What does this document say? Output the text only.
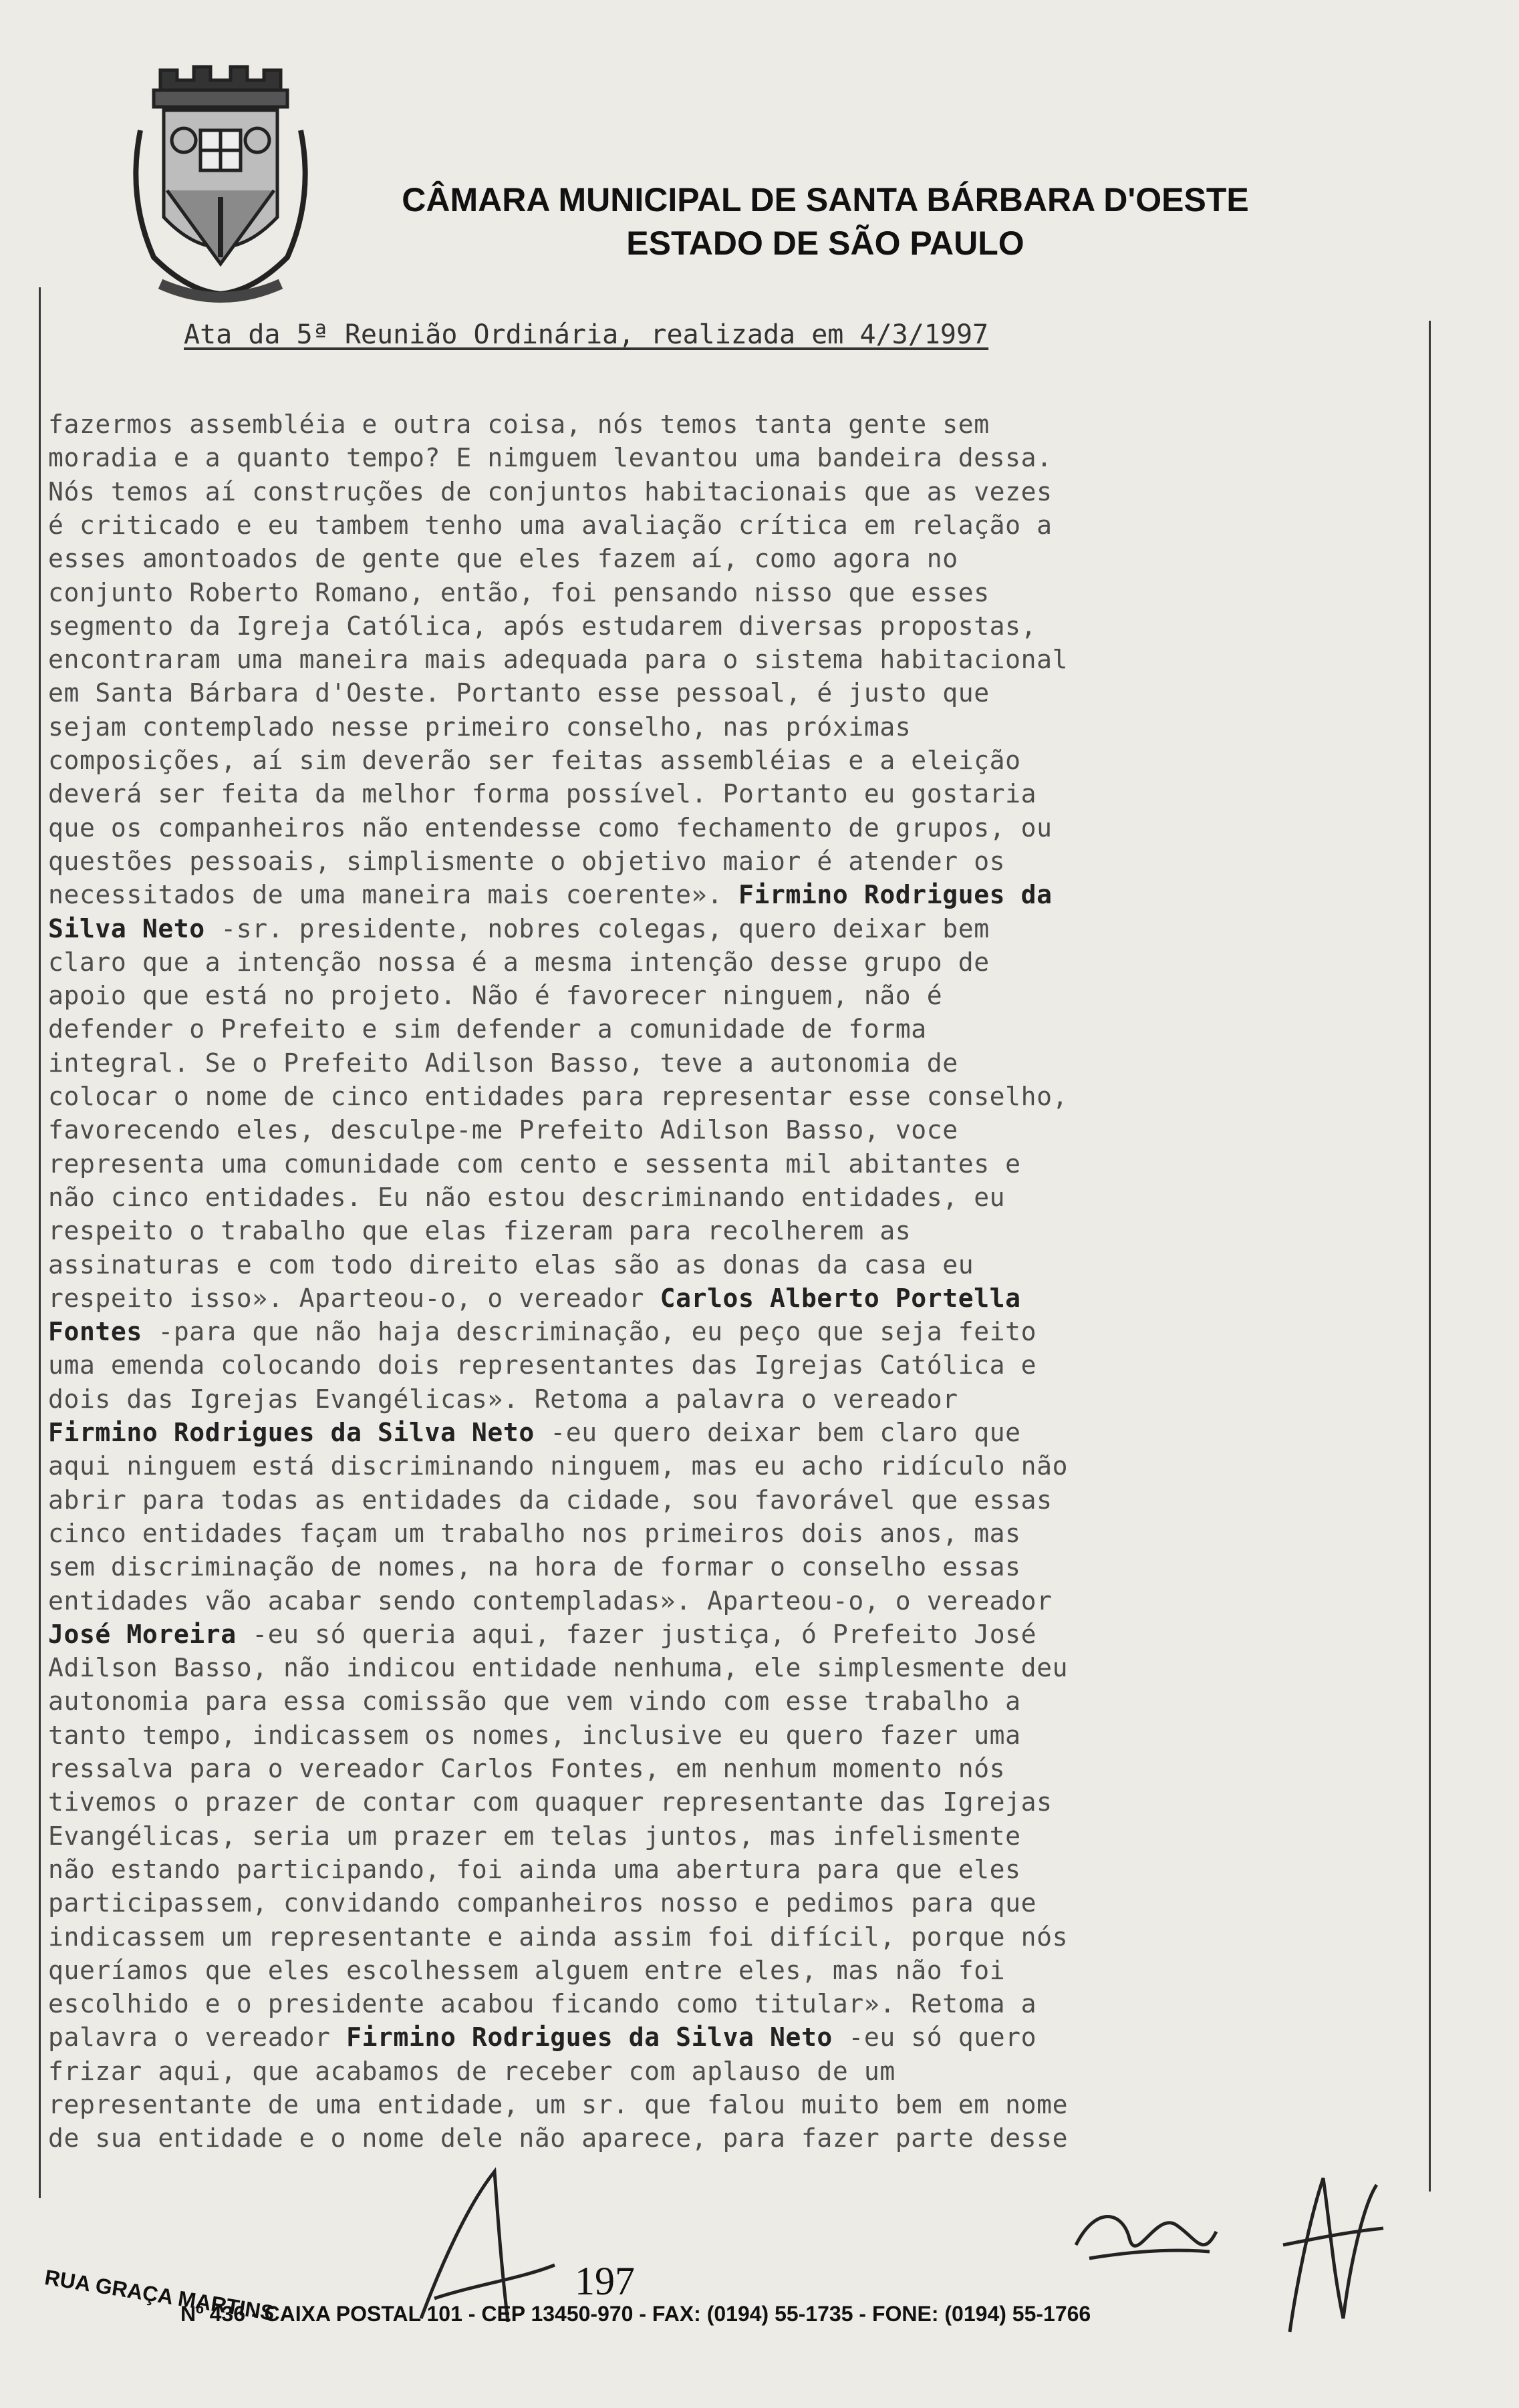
CÂMARA MUNICIPAL DE SANTA BÁRBARA D'OESTE
ESTADO DE SÃO PAULO
Ata da 5ª Reunião Ordinária, realizada em 4/3/1997
fazermos assembléia e outra coisa, nós temos tanta gente sem
moradia e a quanto tempo? E nimguem levantou uma bandeira dessa.
Nós temos aí construções de conjuntos habitacionais que as vezes
é criticado e eu tambem tenho uma avaliação crítica em relação a
esses amontoados de gente que eles fazem aí, como agora no
conjunto Roberto Romano, então, foi pensando nisso que esses
segmento da Igreja Católica, após estudarem diversas propostas,
encontraram uma maneira mais adequada para o sistema habitacional
em Santa Bárbara d'Oeste. Portanto esse pessoal, é justo que
sejam contemplado nesse primeiro conselho, nas próximas
composições, aí sim deverão ser feitas assembléias e a eleição
deverá ser feita da melhor forma possível. Portanto eu gostaria
que os companheiros não entendesse como fechamento de grupos, ou
questões pessoais, simplismente o objetivo maior é atender os
necessitados de uma maneira mais coerente». Firmino Rodrigues da
Silva Neto -sr. presidente, nobres colegas, quero deixar bem
claro que a intenção nossa é a mesma intenção desse grupo de
apoio que está no projeto. Não é favorecer ninguem, não é
defender o Prefeito e sim defender a comunidade de forma
integral. Se o Prefeito Adilson Basso, teve a autonomia de
colocar o nome de cinco entidades para representar esse conselho,
favorecendo eles, desculpe-me Prefeito Adilson Basso, voce
representa uma comunidade com cento e sessenta mil abitantes e
não cinco entidades. Eu não estou descriminando entidades, eu
respeito o trabalho que elas fizeram para recolherem as
assinaturas e com todo direito elas são as donas da casa eu
respeito isso». Aparteou-o, o vereador Carlos Alberto Portella
Fontes -para que não haja descriminação, eu peço que seja feito
uma emenda colocando dois representantes das Igrejas Católica e
dois das Igrejas Evangélicas». Retoma a palavra o vereador
Firmino Rodrigues da Silva Neto -eu quero deixar bem claro que
aqui ninguem está discriminando ninguem, mas eu acho ridículo não
abrir para todas as entidades da cidade, sou favorável que essas
cinco entidades façam um trabalho nos primeiros dois anos, mas
sem discriminação de nomes, na hora de formar o conselho essas
entidades vão acabar sendo contempladas». Aparteou-o, o vereador
José Moreira -eu só queria aqui, fazer justiça, ó Prefeito José
Adilson Basso, não indicou entidade nenhuma, ele simplesmente deu
autonomia para essa comissão que vem vindo com esse trabalho a
tanto tempo, indicassem os nomes, inclusive eu quero fazer uma
ressalva para o vereador Carlos Fontes, em nenhum momento nós
tivemos o prazer de contar com quaquer representante das Igrejas
Evangélicas, seria um prazer em telas juntos, mas infelismente
não estando participando, foi ainda uma abertura para que eles
participassem, convidando companheiros nosso e pedimos para que
indicassem um representante e ainda assim foi difícil, porque nós
queríamos que eles escolhessem alguem entre eles, mas não foi
escolhido e o presidente acabou ficando como titular». Retoma a
palavra o vereador Firmino Rodrigues da Silva Neto -eu só quero
frizar aqui, que acabamos de receber com aplauso de um
representante de uma entidade, um sr. que falou muito bem em nome
de sua entidade e o nome dele não aparece, para fazer parte desse
197
RUA GRAÇA MARTINS
Nº 436 - CAIXA POSTAL 101 - CEP 13450-970 - FAX: (0194) 55-1735 - FONE: (0194) 55-1766
